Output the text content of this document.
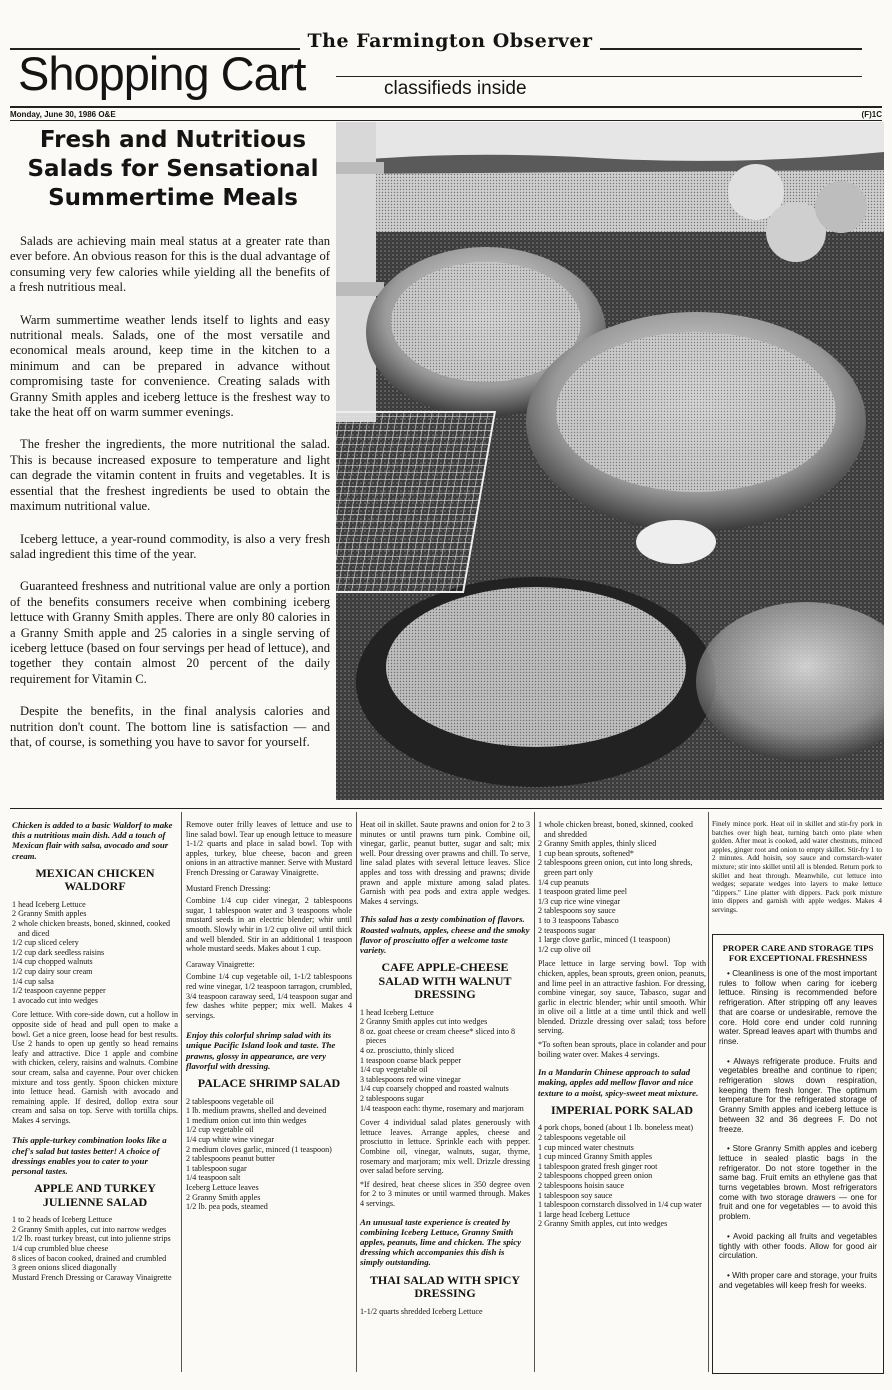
The Farmington Observer
Shopping Cart	classifieds inside
Monday, June 30, 1986 O&E	(F)1C
Fresh and Nutritious Salads for Sensational Summertime Meals

Salads are achieving main meal status at a greater rate than ever before. An obvious reason for this is the dual advantage of consuming very few calories while yielding all the benefits of a fresh nutritious meal.

Warm summertime weather lends itself to lights and easy nutritional meals. Salads, one of the most versatile and economical meals around, keep time in the kitchen to a minimum and can be prepared in advance without compromising taste for convenience. Creating salads with Granny Smith apples and iceberg lettuce is the freshest way to take the heat off on warm summer evenings.

The fresher the ingredients, the more nutritional the salad. This is because increased exposure to temperature and light can degrade the vitamin content in fruits and vegetables. It is essential that the freshest ingredients be used to obtain the maximum nutritional value.

Iceberg lettuce, a year-round commodity, is also a very fresh salad ingredient this time of the year.

Guaranteed freshness and nutritional value are only a portion of the benefits consumers receive when combining iceberg lettuce with Granny Smith apples. There are only 80 calories in a Granny Smith apple and 25 calories in a single serving of iceberg lettuce (based on four servings per head of lettuce), and together they contain almost 20 percent of the daily requirement for Vitamin C.

Despite the benefits, in the final analysis calories and nutrition don't count. The bottom line is satisfaction — and that, of course, is something you have to savor for yourself.

Chicken is added to a basic Waldorf to make this a nutritious main dish. Add a touch of Mexican flair with salsa, avocado and sour cream.

MEXICAN CHICKEN WALDORF
1 head Iceberg Lettuce
2 Granny Smith apples
2 whole chicken breasts, boned, skinned, cooked and diced
1/2 cup sliced celery
1/2 cup dark seedless raisins
1/4 cup chopped walnuts
1/2 cup dairy sour cream
1/4 cup salsa
1/2 teaspoon cayenne pepper
1 avocado cut into wedges

Core lettuce. With core-side down, cut a hollow in opposite side of head and pull open to make a bowl. Get a nice green, loose head for best results. Use 2 hands to open up gently so head remains leafy and attractive. Dice 1 apple and combine with chicken, celery, raisins and walnuts. Combine sour cream, salsa and cayenne. Pour over chicken mixture and toss gently. Spoon chicken mixture into lettuce head. Garnish with avocado and remaining apple. If desired, dollop extra sour cream and salsa on top. Serve with tortilla chips. Makes 4 servings.

This apple-turkey combination looks like a chef's salad but tastes better! A choice of dressings enables you to cater to your personal tastes.

APPLE AND TURKEY JULIENNE SALAD
1 to 2 heads of Iceberg Lettuce
2 Granny Smith apples, cut into narrow wedges
1/2 lb. roast turkey breast, cut into julienne strips
1/4 cup crumbled blue cheese
8 slices of bacon cooked, drained and crumbled
3 green onions sliced diagonally
Mustard French Dressing or Caraway Vinaigrette

Remove outer frilly leaves of lettuce and use to line salad bowl. Tear up enough lettuce to measure 1-1/2 quarts and place in salad bowl. Top with apples, turkey, blue cheese, bacon and green onions in an attractive manner. Serve with Mustard French Dressing or Caraway Vinaigrette.

Mustard French Dressing:

Combine 1/4 cup cider vinegar, 2 tablespoons sugar, 1 tablespoon water and 3 teaspoons whole mustard seeds in an electric blender; whir until smooth. Slowly whir in 1/2 cup olive oil until thick and well blended. Stir in an additional 1 teaspoon whole mustard seeds. Makes about 1 cup.

Caraway Vinaigrette:

Combine 1/4 cup vegetable oil, 1-1/2 tablespoons red wine vinegar, 1/2 teaspoon tarragon, crumbled, 3/4 teaspoon caraway seed, 1/4 teaspoon sugar and few dashes white pepper; mix well. Makes 4 servings.

Enjoy this colorful shrimp salad with its unique Pacific Island look and taste. The prawns, glossy in appearance, are very flavorful with dressing.

PALACE SHRIMP SALAD
2 tablespoons vegetable oil
1 lb. medium prawns, shelled and deveined
1 medium onion cut into thin wedges
1/2 cup vegetable oil
1/4 cup white wine vinegar
2 medium cloves garlic, minced (1 teaspoon)
2 tablespoons peanut butter
1 tablespoon sugar
1/4 teaspoon salt
Iceberg Lettuce leaves
2 Granny Smith apples
1/2 lb. pea pods, steamed

Heat oil in skillet. Saute prawns and onion for 2 to 3 minutes or until prawns turn pink. Combine oil, vinegar, garlic, peanut butter, sugar and salt; mix well. Pour dressing over prawns and chill. To serve, line salad plates with several lettuce leaves. Slice apples and toss with dressing and prawns; divide prawn and apple mixture among salad plates. Garnish with pea pods and extra apple wedges. Makes 4 servings.

This salad has a zesty combination of flavors. Roasted walnuts, apples, cheese and the smoky flavor of prosciutto offer a welcome taste variety.

CAFE APPLE-CHEESE SALAD WITH WALNUT DRESSING
1 head Iceberg Lettuce
2 Granny Smith apples cut into wedges
8 oz. goat cheese or cream cheese* sliced into 8 pieces
4 oz. prosciutto, thinly sliced
1 teaspoon coarse black pepper
1/4 cup vegetable oil
3 tablespoons red wine vinegar
1/4 cup coarsely chopped and roasted walnuts
2 tablespoons sugar
1/4 teaspoon each: thyme, rosemary and marjoram

Cover 4 individual salad plates generously with lettuce leaves. Arrange apples, cheese and prosciutto in lettuce. Sprinkle each with pepper. Combine oil, vinegar, walnuts, sugar, thyme, rosemary and marjoram; mix well. Drizzle dressing over salad before serving.

*If desired, heat cheese slices in 350 degree oven for 2 to 3 minutes or until warmed through. Makes 4 servings.

An unusual taste experience is created by combining Iceberg Lettuce, Granny Smith apples, peanuts, lime and chicken. The spicy dressing which accompanies this dish is simply outstanding.

THAI SALAD WITH SPICY DRESSING
1-1/2 quarts shredded Iceberg Lettuce
1 whole chicken breast, boned, skinned, cooked and shredded
2 Granny Smith apples, thinly sliced
1 cup bean sprouts, softened*
2 tablespoons green onion, cut into long shreds, green part only
1/4 cup peanuts
1 teaspoon grated lime peel
1/3 cup rice wine vinegar
2 tablespoons soy sauce
1 to 3 teaspoons Tabasco
2 teaspoons sugar
1 large clove garlic, minced (1 teaspoon)
1/2 cup olive oil

Place lettuce in large serving bowl. Top with chicken, apples, bean sprouts, green onion, peanuts, and lime peel in an attractive fashion. For dressing, combine vinegar, soy sauce, Tabasco, sugar and garlic in electric blender; whir until smooth. Whir in olive oil a little at a time until thick and well blended. Drizzle dressing over salad; toss before serving.

*To soften bean sprouts, place in colander and pour boiling water over. Makes 4 servings.

In a Mandarin Chinese approach to salad making, apples add mellow flavor and nice texture to a moist, spicy-sweet meat mixture.

IMPERIAL PORK SALAD
4 pork chops, boned (about 1 lb. boneless meat)
2 tablespoons vegetable oil
1 cup minced water chestnuts
1 cup minced Granny Smith apples
1 tablespoon grated fresh ginger root
2 tablespoons chopped green onion
2 tablespoons hoisin sauce
1 tablespoon soy sauce
1 tablespoon cornstarch dissolved in 1/4 cup water
1 large head Iceberg Lettuce
2 Granny Smith apples, cut into wedges

Finely mince pork. Heat oil in skillet and stir-fry pork in batches over high heat, turning batch onto plate when golden. After meat is cooked, add water chestnuts, minced apples, ginger root and onion to empty skillet. Stir-fry 1 to 2 minutes. Add hoisin, soy sauce and cornstarch-water mixture; stir into skillet until all is blended. Return pork to skillet and heat through. Meanwhile, cut lettuce into wedges; separate wedges into layers to make lettuce "dippers." Line platter with dippers. Pack pork mixture into dippers and garnish with apple wedges. Makes 4 servings.

PROPER CARE AND STORAGE TIPS FOR EXCEPTIONAL FRESHNESS

• Cleanliness is one of the most important rules to follow when caring for iceberg lettuce. Rinsing is recommended before refrigeration. After stripping off any leaves that are coarse or undesirable, remove the core. Hold core end under cold running water. Spread leaves apart with thumbs and rinse.

• Always refrigerate produce. Fruits and vegetables breathe and continue to ripen; refrigeration slows down respiration, keeping them fresh longer. The optimum temperature for the refrigerated storage of Granny Smith apples and iceberg lettuce is between 32 and 36 degrees F. Do not freeze.

• Store Granny Smith apples and iceberg lettuce in sealed plastic bags in the refrigerator. Do not store together in the same bag. Fruit emits an ethylene gas that turns vegetables brown. Most refrigerators come with two storage drawers — one for fruit and one for vegetables — to avoid this problem.

• Avoid packing all fruits and vegetables tightly with other foods. Allow for good air circulation.

• With proper care and storage, your fruits and vegetables will keep fresh for weeks.
